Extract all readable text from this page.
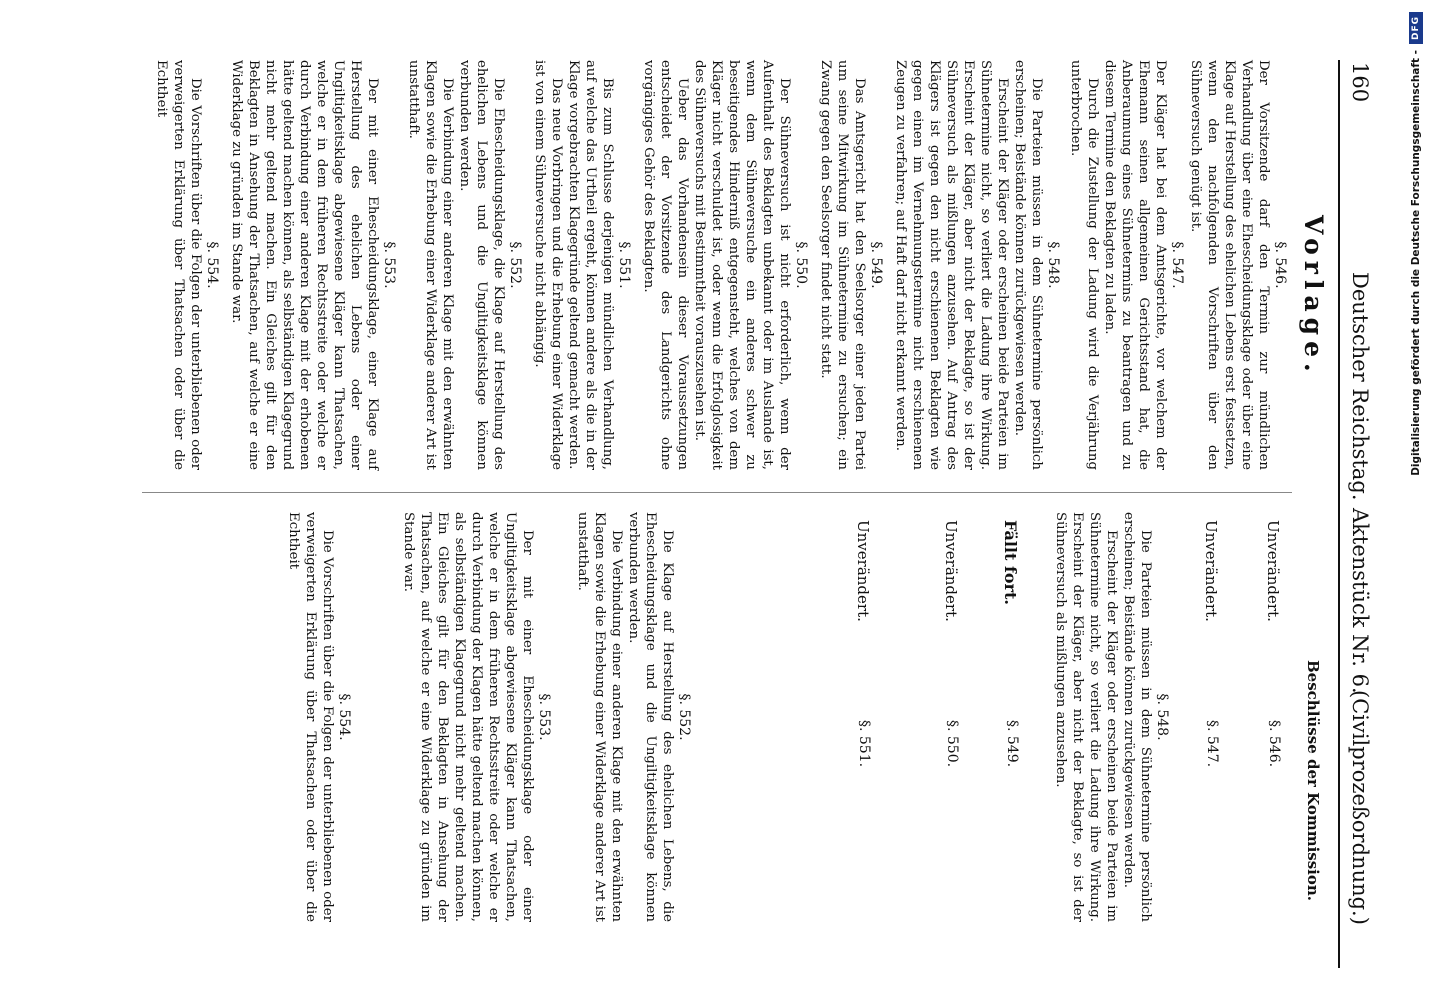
160
Deutscher Reichstag.
Aktenstück Nr. 6.
(Civilprozeßordnung.)
Vorlage.
Beschlüsse der Kommission.
§. 546.

Der Vorsitzende darf den Termin zur mündlichen Verhandlung über eine Ehescheidungsklage oder über eine Klage auf Herstellung des ehelichen Lebens erst festsetzen, wenn den nachfolgenden Vorschriften über den Sühneversuch genügt ist.

§. 547.

Der Kläger hat bei dem Amtsgerichte, vor welchem der Ehemann seinen allgemeinen Gerichtsstand hat, die Anberaumung eines Sühnetermins zu beantragen und zu diesem Termine den Beklagten zu laden.

Durch die Zustellung der Ladung wird die Verjährung unterbrochen.

§. 548.

Die Parteien müssen in dem Sühnetermine persönlich erscheinen; Beistände können zurückgewiesen werden.

Erscheint der Kläger oder erscheinen beide Parteien im Sühnetermine nicht, so verliert die Ladung ihre Wirkung. Erscheint der Kläger, aber nicht der Beklagte, so ist der Sühneversuch als mißlungen anzusehen. Auf Antrag des Klägers ist gegen den nicht erschienenen Beklagten wie gegen einen im Vernehmungstermine nicht erschienenen Zeugen zu verfahren; auf Haft darf nicht erkannt werden.

§. 549.

Das Amtsgericht hat den Seelsorger einer jeden Partei um seine Mitwirkung im Sühnetermine zu ersuchen; ein Zwang gegen den Seelsorger findet nicht statt.

§. 550.

Der Sühneversuch ist nicht erforderlich, wenn der Aufenthalt des Beklagten unbekannt oder im Auslande ist, wenn dem Sühneversuche ein anderes schwer zu beseitigendes Hinderniß entgegensteht, welches von dem Kläger nicht verschuldet ist, oder wenn die Erfolglosigkeit des Sühneversuchs mit Bestimmtheit vorauszusehen ist.

Ueber das Vorhandensein dieser Voraussetzungen entscheidet der Vorsitzende des Landgerichts ohne vorgängiges Gehör des Beklagten.

§. 551.

Bis zum Schlusse derjenigen mündlichen Verhandlung, auf welche das Urtheil ergeht, können andere als die in der Klage vorgebrachten Klagegründe geltend gemacht werden.

Das neue Vorbringen und die Erhebung einer Widerklage ist von einem Sühneversuche nicht abhängig.

§. 552.

Die Ehescheidungsklage, die Klage auf Herstellung des ehelichen Lebens und die Ungiltigkeitsklage können verbunden werden.

Die Verbindung einer anderen Klage mit den erwähnten Klagen sowie die Erhebung einer Widerklage anderer Art ist unstatthaft.

§. 553.

Der mit einer Ehescheidungsklage, einer Klage auf Herstellung des ehelichen Lebens oder einer Ungiltigkeitsklage abgewiesene Kläger kann Thatsachen, welche er in dem früheren Rechtsstreite oder welche er durch Verbindung einer anderen Klage mit der erhobenen hätte geltend machen können, als selbständigen Klagegrund nicht mehr geltend machen. Ein Gleiches gilt für den Beklagten in Ansehung der Thatsachen, auf welche er eine Widerklage zu gründen im Stande war.

§. 554.

Die Vorschriften über die Folgen der unterbliebenen oder verweigerten Erklärung über Thatsachen oder über die Echtheit

Unverändert.
§. 546.
Unverändert.
§. 547.
§. 548.

Die Parteien müssen in dem Sühnetermine persönlich erscheinen; Beistände können zurückgewiesen werden.

Erscheint der Kläger oder erscheinen beide Parteien im Sühnetermine nicht, so verliert die Ladung ihre Wirkung. Erscheint der Kläger, aber nicht der Beklagte, so ist der Sühneversuch als mißlungen anzusehen.

Fällt fort.
§. 549.
Unverändert.
§. 550.
Unverändert.
§. 551.
§. 552.

Die Klage auf Herstellung des ehelichen Lebens, die Ehescheidungsklage und die Ungiltigkeitsklage können verbunden werden.

Die Verbindung einer anderen Klage mit den erwähnten Klagen sowie die Erhebung einer Widerklage anderer Art ist unstatthaft.

§. 553.

Der mit einer Ehescheidungsklage oder einer Ungiltigkeitsklage abgewiesene Kläger kann Thatsachen, welche er in dem früheren Rechtsstreite oder welche er durch Verbindung der Klagen hätte geltend machen können, als selbständigen Klagegrund nicht mehr geltend machen. Ein Gleiches gilt für den Beklagten in Ansehung der Thatsachen, auf welche er eine Widerklage zu gründen im Stande war.

§. 554.

Die Vorschriften über die Folgen der unterbliebenen oder verweigerten Erklärung über Thatsachen oder über die Echtheit

Digitalisierung gefördert durch die Deutsche Forschungsgemeinschaft -
DFG
